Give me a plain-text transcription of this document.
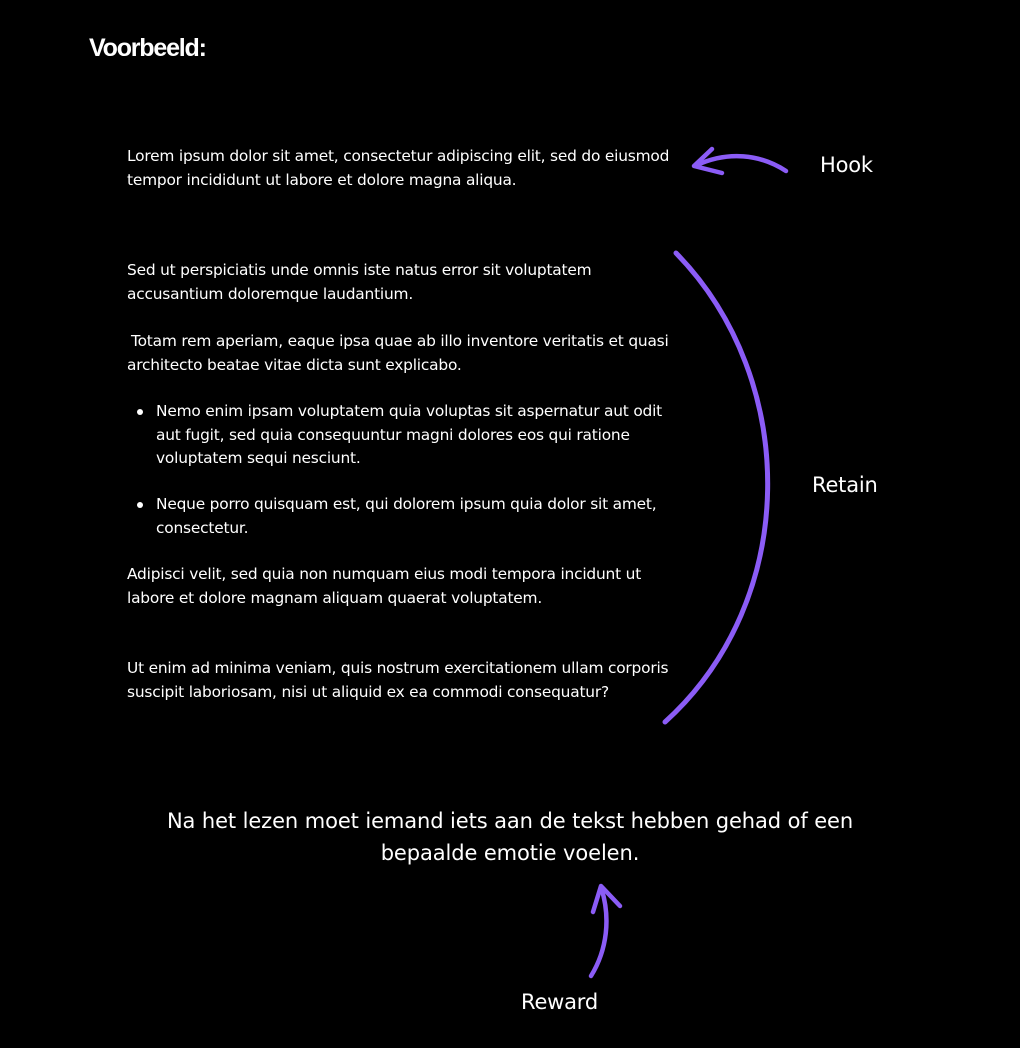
Voorbeeld:

Lorem ipsum dolor sit amet, consectetur adipiscing elit, sed do eiusmod tempor incididunt ut labore et dolore magna aliqua.

Sed ut perspiciatis unde omnis iste natus error sit voluptatem accusantium doloremque laudantium.

Totam rem aperiam, eaque ipsa quae ab illo inventore veritatis et quasi architecto beatae vitae dicta sunt explicabo.

Nemo enim ipsam voluptatem quia voluptas sit aspernatur aut odit aut fugit, sed quia consequuntur magni dolores eos qui ratione voluptatem sequi nesciunt.
Neque porro quisquam est, qui dolorem ipsum quia dolor sit amet, consectetur.

Adipisci velit, sed quia non numquam eius modi tempora incidunt ut labore et dolore magnam aliquam quaerat voluptatem.

Ut enim ad minima veniam, quis nostrum exercitationem ullam corporis suscipit laboriosam, nisi ut aliquid ex ea commodi consequatur?

Na het lezen moet iemand iets aan de tekst hebben gehad of een bepaalde emotie voelen.

Hook

Retain

Reward
